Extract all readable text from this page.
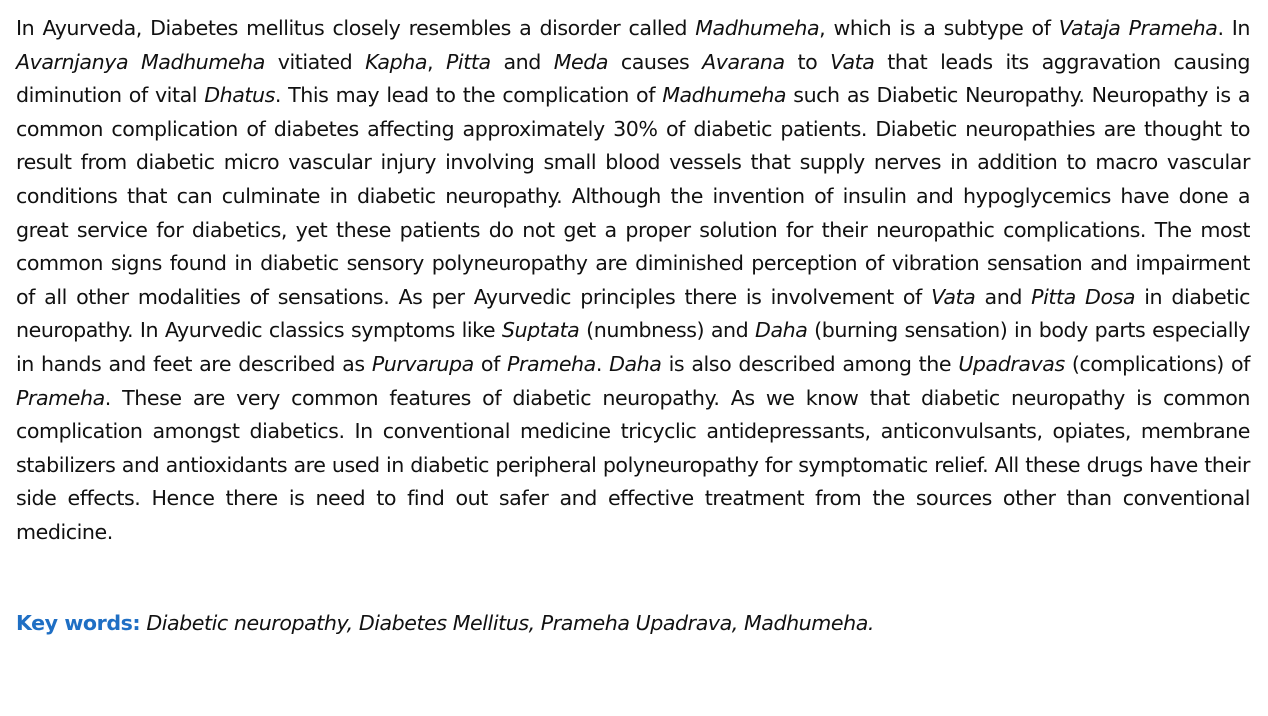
In Ayurveda, Diabetes mellitus closely resembles a disorder called Madhumeha, which is a subtype of Vataja Prameha. In Avarnjanya Madhumeha vitiated Kapha, Pitta and Meda causes Avarana to Vata that leads its aggravation causing diminution of vital Dhatus. This may lead to the complication of Madhumeha such as Diabetic Neuropathy. Neuropathy is a common complication of diabetes affecting approximately 30% of diabetic patients. Diabetic neuropathies are thought to result from diabetic micro vascular injury involving small blood vessels that supply nerves in addition to macro vascular conditions that can culminate in diabetic neuropathy. Although the invention of insulin and hypoglycemics have done a great service for diabetics, yet these patients do not get a proper solution for their neuropathic complications. The most common signs found in diabetic sensory polyneuropathy are diminished perception of vibration sensation and impairment of all other modalities of sensations. As per Ayurvedic principles there is involvement of Vata and Pitta Dosa in diabetic neuropathy. In Ayurvedic classics symptoms like Suptata (numbness) and Daha (burning sensation) in body parts especially in hands and feet are described as Purvarupa of Prameha. Daha is also described among the Upadravas (complications) of Prameha. These are very common features of diabetic neuropathy. As we know that diabetic neuropathy is common complication amongst diabetics. In conventional medicine tricyclic antidepressants, anticonvulsants, opiates, membrane stabilizers and antioxidants are used in diabetic peripheral polyneuropathy for symptomatic relief. All these drugs have their side effects. Hence there is need to find out safer and effective treatment from the sources other than conventional medicine.

Key words: Diabetic neuropathy, Diabetes Mellitus, Prameha Upadrava, Madhumeha.
